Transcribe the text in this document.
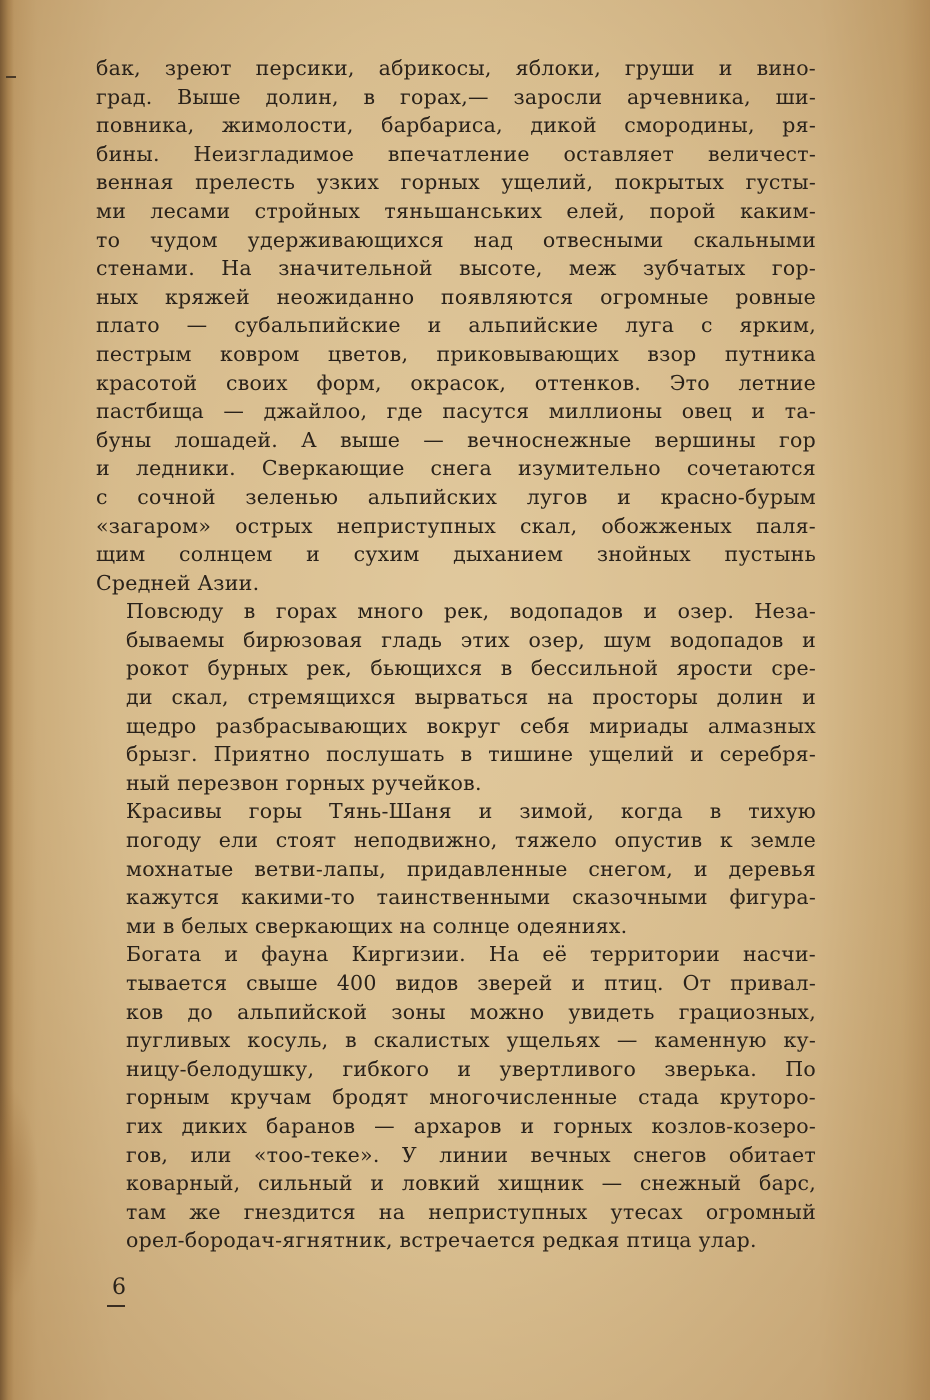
бак, зреют персики, абрикосы, яблоки, груши и вино-
град. Выше долин, в горах,— заросли арчевника, ши-
повника, жимолости, барбариса, дикой смородины, ря-
бины. Неизгладимое впечатление оставляет величест-
венная прелесть узких горных ущелий, покрытых густы-
ми лесами стройных тяньшанських елей, порой каким-
то чудом удерживающихся над отвесными скальными
стенами. На значительной высоте, меж зубчатых гор-
ных кряжей неожиданно появляются огромные ровные
плато — субальпийские и альпийские луга с ярким,
пестрым ковром цветов, приковывающих взор путника
красотой своих форм, окрасок, оттенков. Это летние
пастбища — джайлоо, где пасутся миллионы овец и та-
буны лошадей. А выше — вечноснежные вершины гор
и ледники. Сверкающие снега изумительно сочетаются
с сочной зеленью альпийских лугов и красно-бурым
«загаром» острых неприступных скал, обожженых паля-
щим солнцем и сухим дыханием знойных пустынь
Средней Азии.
Повсюду в горах много рек, водопадов и озер. Неза-
бываемы бирюзовая гладь этих озер, шум водопадов и
рокот бурных рек, бьющихся в бессильной ярости сре-
ди скал, стремящихся вырваться на просторы долин и
щедро разбрасывающих вокруг себя мириады алмазных
брызг. Приятно послушать в тишине ущелий и серебря-
ный перезвон горных ручейков.
Красивы горы Тянь-Шаня и зимой, когда в тихую
погоду ели стоят неподвижно, тяжело опустив к земле
мохнатые ветви-лапы, придавленные снегом, и деревья
кажутся какими-то таинственными сказочными фигура-
ми в белых сверкающих на солнце одеяниях.
Богата и фауна Киргизии. На её территории насчи-
тывается свыше 400 видов зверей и птиц. От привал-
ков до альпийской зоны можно увидеть грациозных,
пугливых косуль, в скалистых ущельях — каменную ку-
ницу-белодушку, гибкого и увертливого зверька. По
горным кручам бродят многочисленные стада круторо-
гих диких баранов — архаров и горных козлов-козеро-
гов, или «тоо-теке». У линии вечных снегов обитает
коварный, сильный и ловкий хищник — снежный барс,
там же гнездится на неприступных утесах огромный
орел-бородач-ягнятник, встречается редкая птица улар.
6
